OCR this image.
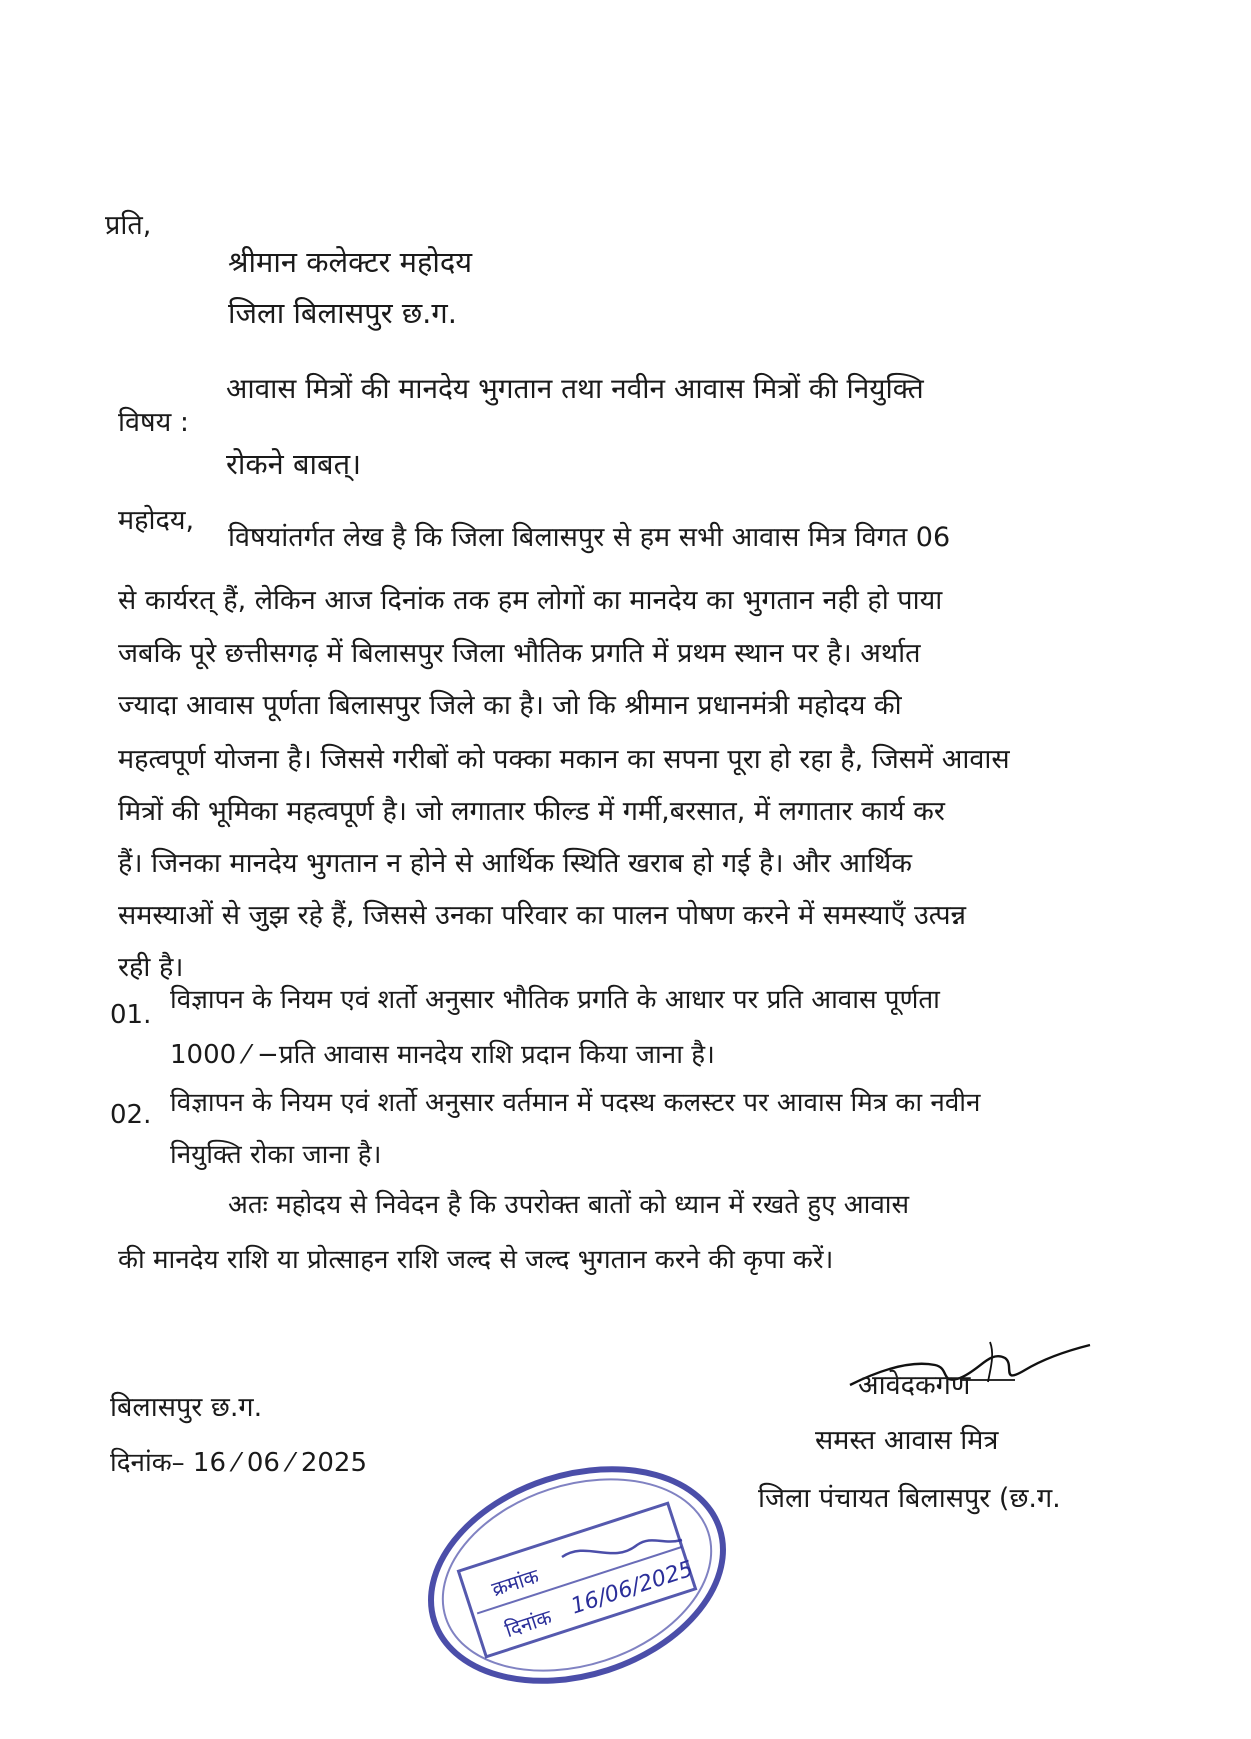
प्रति,
श्रीमान कलेक्टर महोदय
जिला बिलासपुर छ.ग.
विषय :
आवास मित्रों की मानदेय भुगतान तथा नवीन आवास मित्रों की नियुक्ति
रोकने बाबत्।
महोदय,
विषयांतर्गत लेख है कि जिला बिलासपुर से हम सभी आवास मित्र विगत 06
से कार्यरत् हैं, लेकिन आज दिनांक तक हम लोगों का मानदेय का भुगतान नही हो पाया
जबकि पूरे छत्तीसगढ़ में बिलासपुर जिला भौतिक प्रगति में प्रथम स्थान पर है। अर्थात
ज्यादा आवास पूर्णता बिलासपुर जिले का है। जो कि श्रीमान प्रधानमंत्री महोदय की
महत्वपूर्ण योजना है। जिससे गरीबों को पक्का मकान का सपना पूरा हो रहा है, जिसमें आवास
मित्रों की भूमिका महत्वपूर्ण है। जो लगातार फील्ड में गर्मी,बरसात, में लगातार कार्य कर
हैं। जिनका मानदेय भुगतान न होने से आर्थिक स्थिति खराब हो गई है। और आर्थिक
समस्याओं से जुझ रहे हैं, जिससे उनका परिवार का पालन पोषण करने में समस्याएँ उत्पन्न
रही है।
01. विज्ञापन के नियम एवं शर्तो अनुसार भौतिक प्रगति के आधार पर प्रति आवास पूर्णता
1000 ⁄ −प्रति आवास मानदेय राशि प्रदान किया जाना है।
02. विज्ञापन के नियम एवं शर्तो अनुसार वर्तमान में पदस्थ कलस्टर पर आवास मित्र का नवीन
नियुक्ति रोका जाना है।
अतः महोदय से निवेदन है कि उपरोक्त बातों को ध्यान में रखते हुए आवास
की मानदेय राशि या प्रोत्साहन राशि जल्द से जल्द भुगतान करने की कृपा करें।
बिलासपुर छ.ग.
दिनांक– 16 ⁄ 06 ⁄ 2025
आवेदकगण
समस्त आवास मित्र
जिला पंचायत बिलासपुर (छ.ग.
क्रमांक
दिनांक
16/06/2025
